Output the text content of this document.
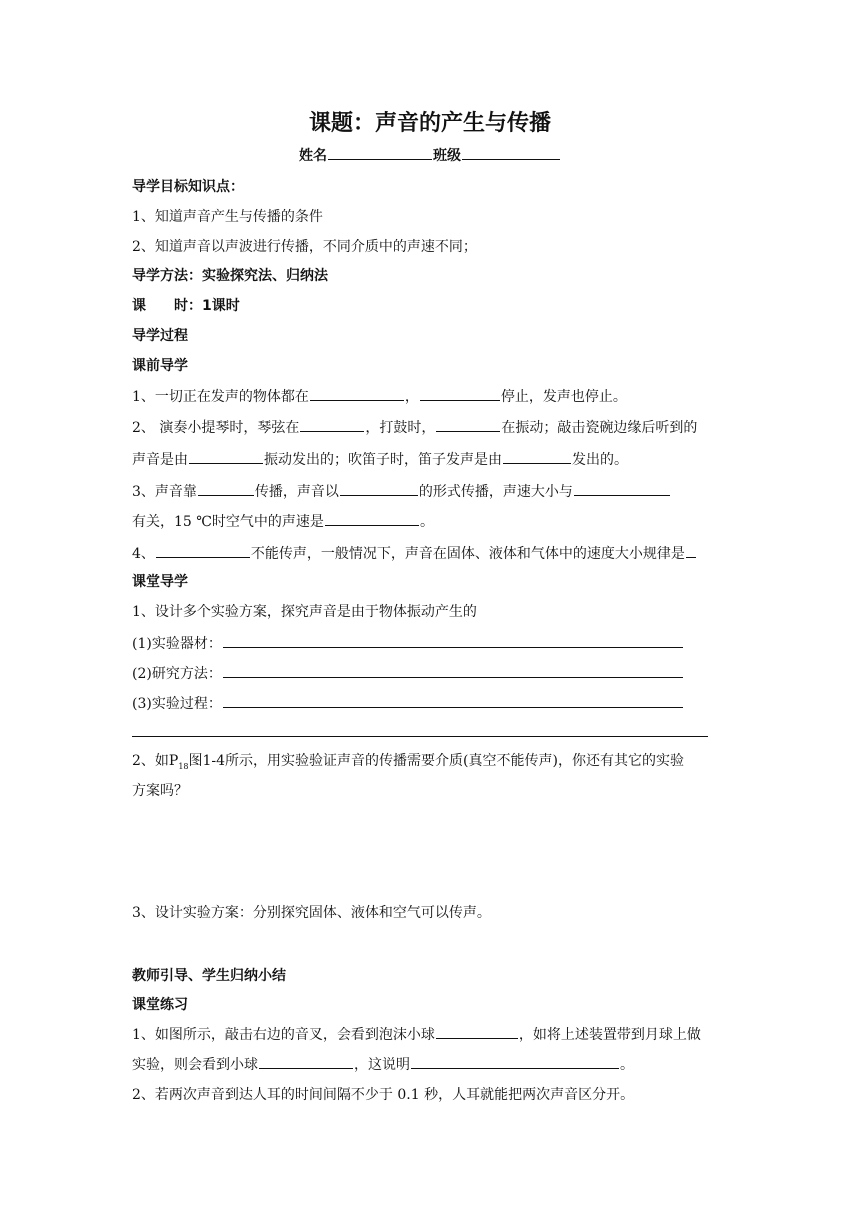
课题：声音的产生与传播
姓名	班级
导学目标知识点：
1、知道声音产生与传播的条件
2、知道声音以声波进行传播，不同介质中的声速不同；
导学方法：实验探究法、归纳法
课　　时：1课时
导学过程
课前导学
1、一切正在发声的物体都在	，	停止，发声也停止。
2、 演奏小提琴时，琴弦在	，打鼓时，	在振动；敲击瓷碗边缘后听到的
声音是由	振动发出的；吹笛子时，笛子发声是由	发出的。
3、声音靠	传播，声音以	的形式传播，声速大小与
有关，15 ℃时空气中的声速是	。
4、	不能传声，一般情况下，声音在固体、液体和气体中的速度大小规律是
课堂导学
1、设计多个实验方案，探究声音是由于物体振动产生的
(1)实验器材：
(2)研究方法：
(3)实验过程：
2、如$P_{18}$图1-4所示，用实验验证声音的传播需要介质(真空不能传声)，你还有其它的实验
方案吗？
3、设计实验方案：分别探究固体、液体和空气可以传声。
教师引导、学生归纳小结
课堂练习
1、如图所示，敲击右边的音叉，会看到泡沫小球	，如将上述装置带到月球上做
实验，则会看到小球	，这说明	。
2、若两次声音到达人耳的时间间隔不少于 0.1 秒，人耳就能把两次声音区分开。
